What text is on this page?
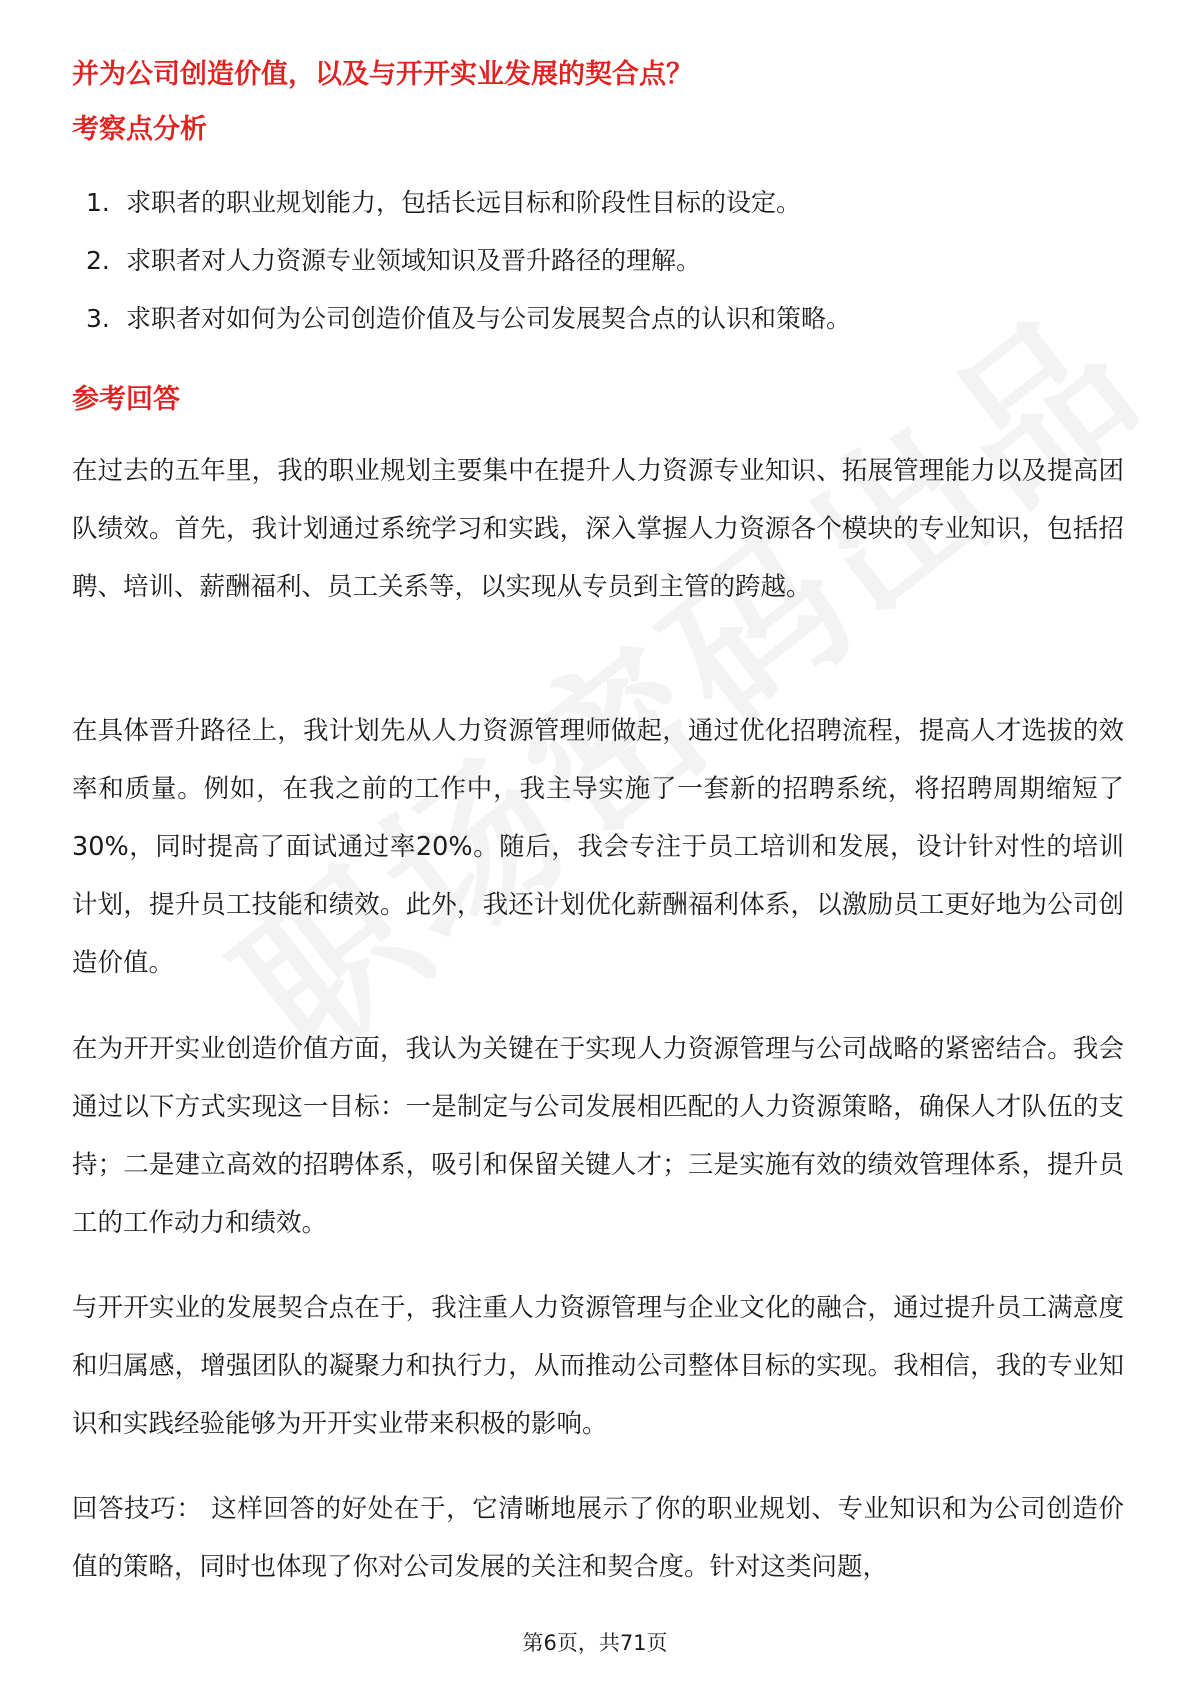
并为公司创造价值，以及与开开实业发展的契合点？
考察点分析
1. 求职者的职业规划能力，包括长远目标和阶段性目标的设定。
2. 求职者对人力资源专业领域知识及晋升路径的理解。
3. 求职者对如何为公司创造价值及与公司发展契合点的认识和策略。
参考回答

在过去的五年里，我的职业规划主要集中在提升人力资源专业知识、拓展管理能力以及提高团队绩效。首先，我计划通过系统学习和实践，深入掌握人力资源各个模块的专业知识，包括招聘、培训、薪酬福利、员工关系等，以实现从专员到主管的跨越。

在具体晋升路径上，我计划先从人力资源管理师做起，通过优化招聘流程，提高人才选拔的效率和质量。例如，在我之前的工作中，我主导实施了一套新的招聘系统，将招聘周期缩短了30%，同时提高了面试通过率20%。随后，我会专注于员工培训和发展，设计针对性的培训计划，提升员工技能和绩效。此外，我还计划优化薪酬福利体系，以激励员工更好地为公司创造价值。

在为开开实业创造价值方面，我认为关键在于实现人力资源管理与公司战略的紧密结合。我会通过以下方式实现这一目标：一是制定与公司发展相匹配的人力资源策略，确保人才队伍的支持；二是建立高效的招聘体系，吸引和保留关键人才；三是实施有效的绩效管理体系，提升员工的工作动力和绩效。

与开开实业的发展契合点在于，我注重人力资源管理与企业文化的融合，通过提升员工满意度和归属感，增强团队的凝聚力和执行力，从而推动公司整体目标的实现。我相信，我的专业知识和实践经验能够为开开实业带来积极的影响。

回答技巧： 这样回答的好处在于，它清晰地展示了你的职业规划、专业知识和为公司创造价值的策略，同时也体现了你对公司发展的关注和契合度。针对这类问题，

第6页，共71页
